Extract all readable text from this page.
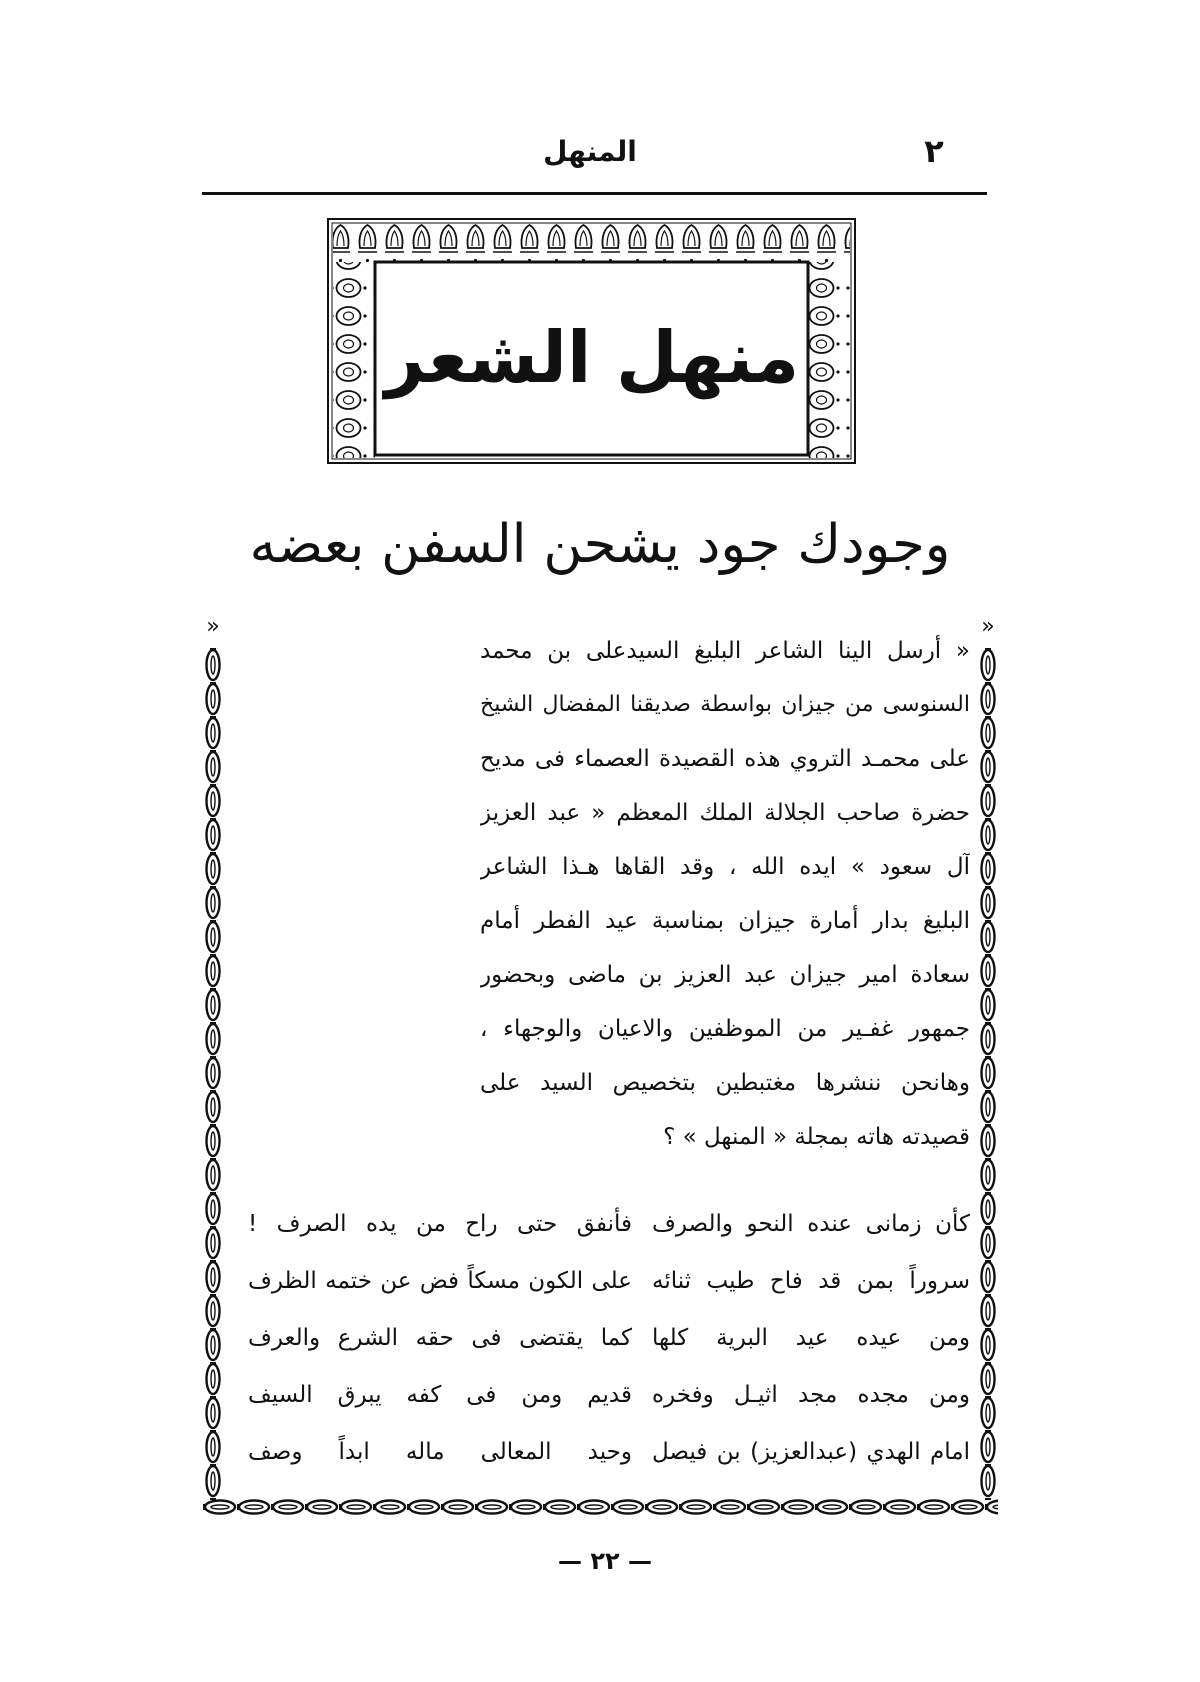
المنهل	٢
منهل الشعر
وجودك جود يشحن السفن بعضه
»	»
« أرسل الينا الشاعر البليغ السيدعلى بن محمد
السنوسى من جيزان بواسطة صديقنا المفضال الشيخ
على محمـد التروي هذه القصيدة العصماء فى مديح
حضرة صاحب الجلالة الملك المعظم « عبد العزيز
آل سعود » ايده الله ، وقد القاها هـذا الشاعر
البليغ بدار أمارة جيزان بمناسبة عيد الفطر أمام
سعادة امير جيزان عبد العزيز بن ماضى وبحضور
جمهور غفـير من الموظفين والاعيان والوجهاء ،
وهانحن ننشرها مغتبطين بتخصيص السيد على
قصيدته هاته بمجلة « المنهل » ؟
كأن زمانى عنده النحو والصرف
فأنفق حتى راح من يده الصرف !
سروراً بمن قد فاح طيب ثنائه
على الكون مسكاً فض عن ختمه الظرف
ومن عيده عيد البرية كلها
كما يقتضى فى حقه الشرع والعرف
ومن مجده مجد اثيـل وفخره
قديم ومن فى كفه يبرق السيف
امام الهدي (عبدالعزيز) بن فيصل
وحيد المعالى ماله ابداً وصف
— ٢٢ —
